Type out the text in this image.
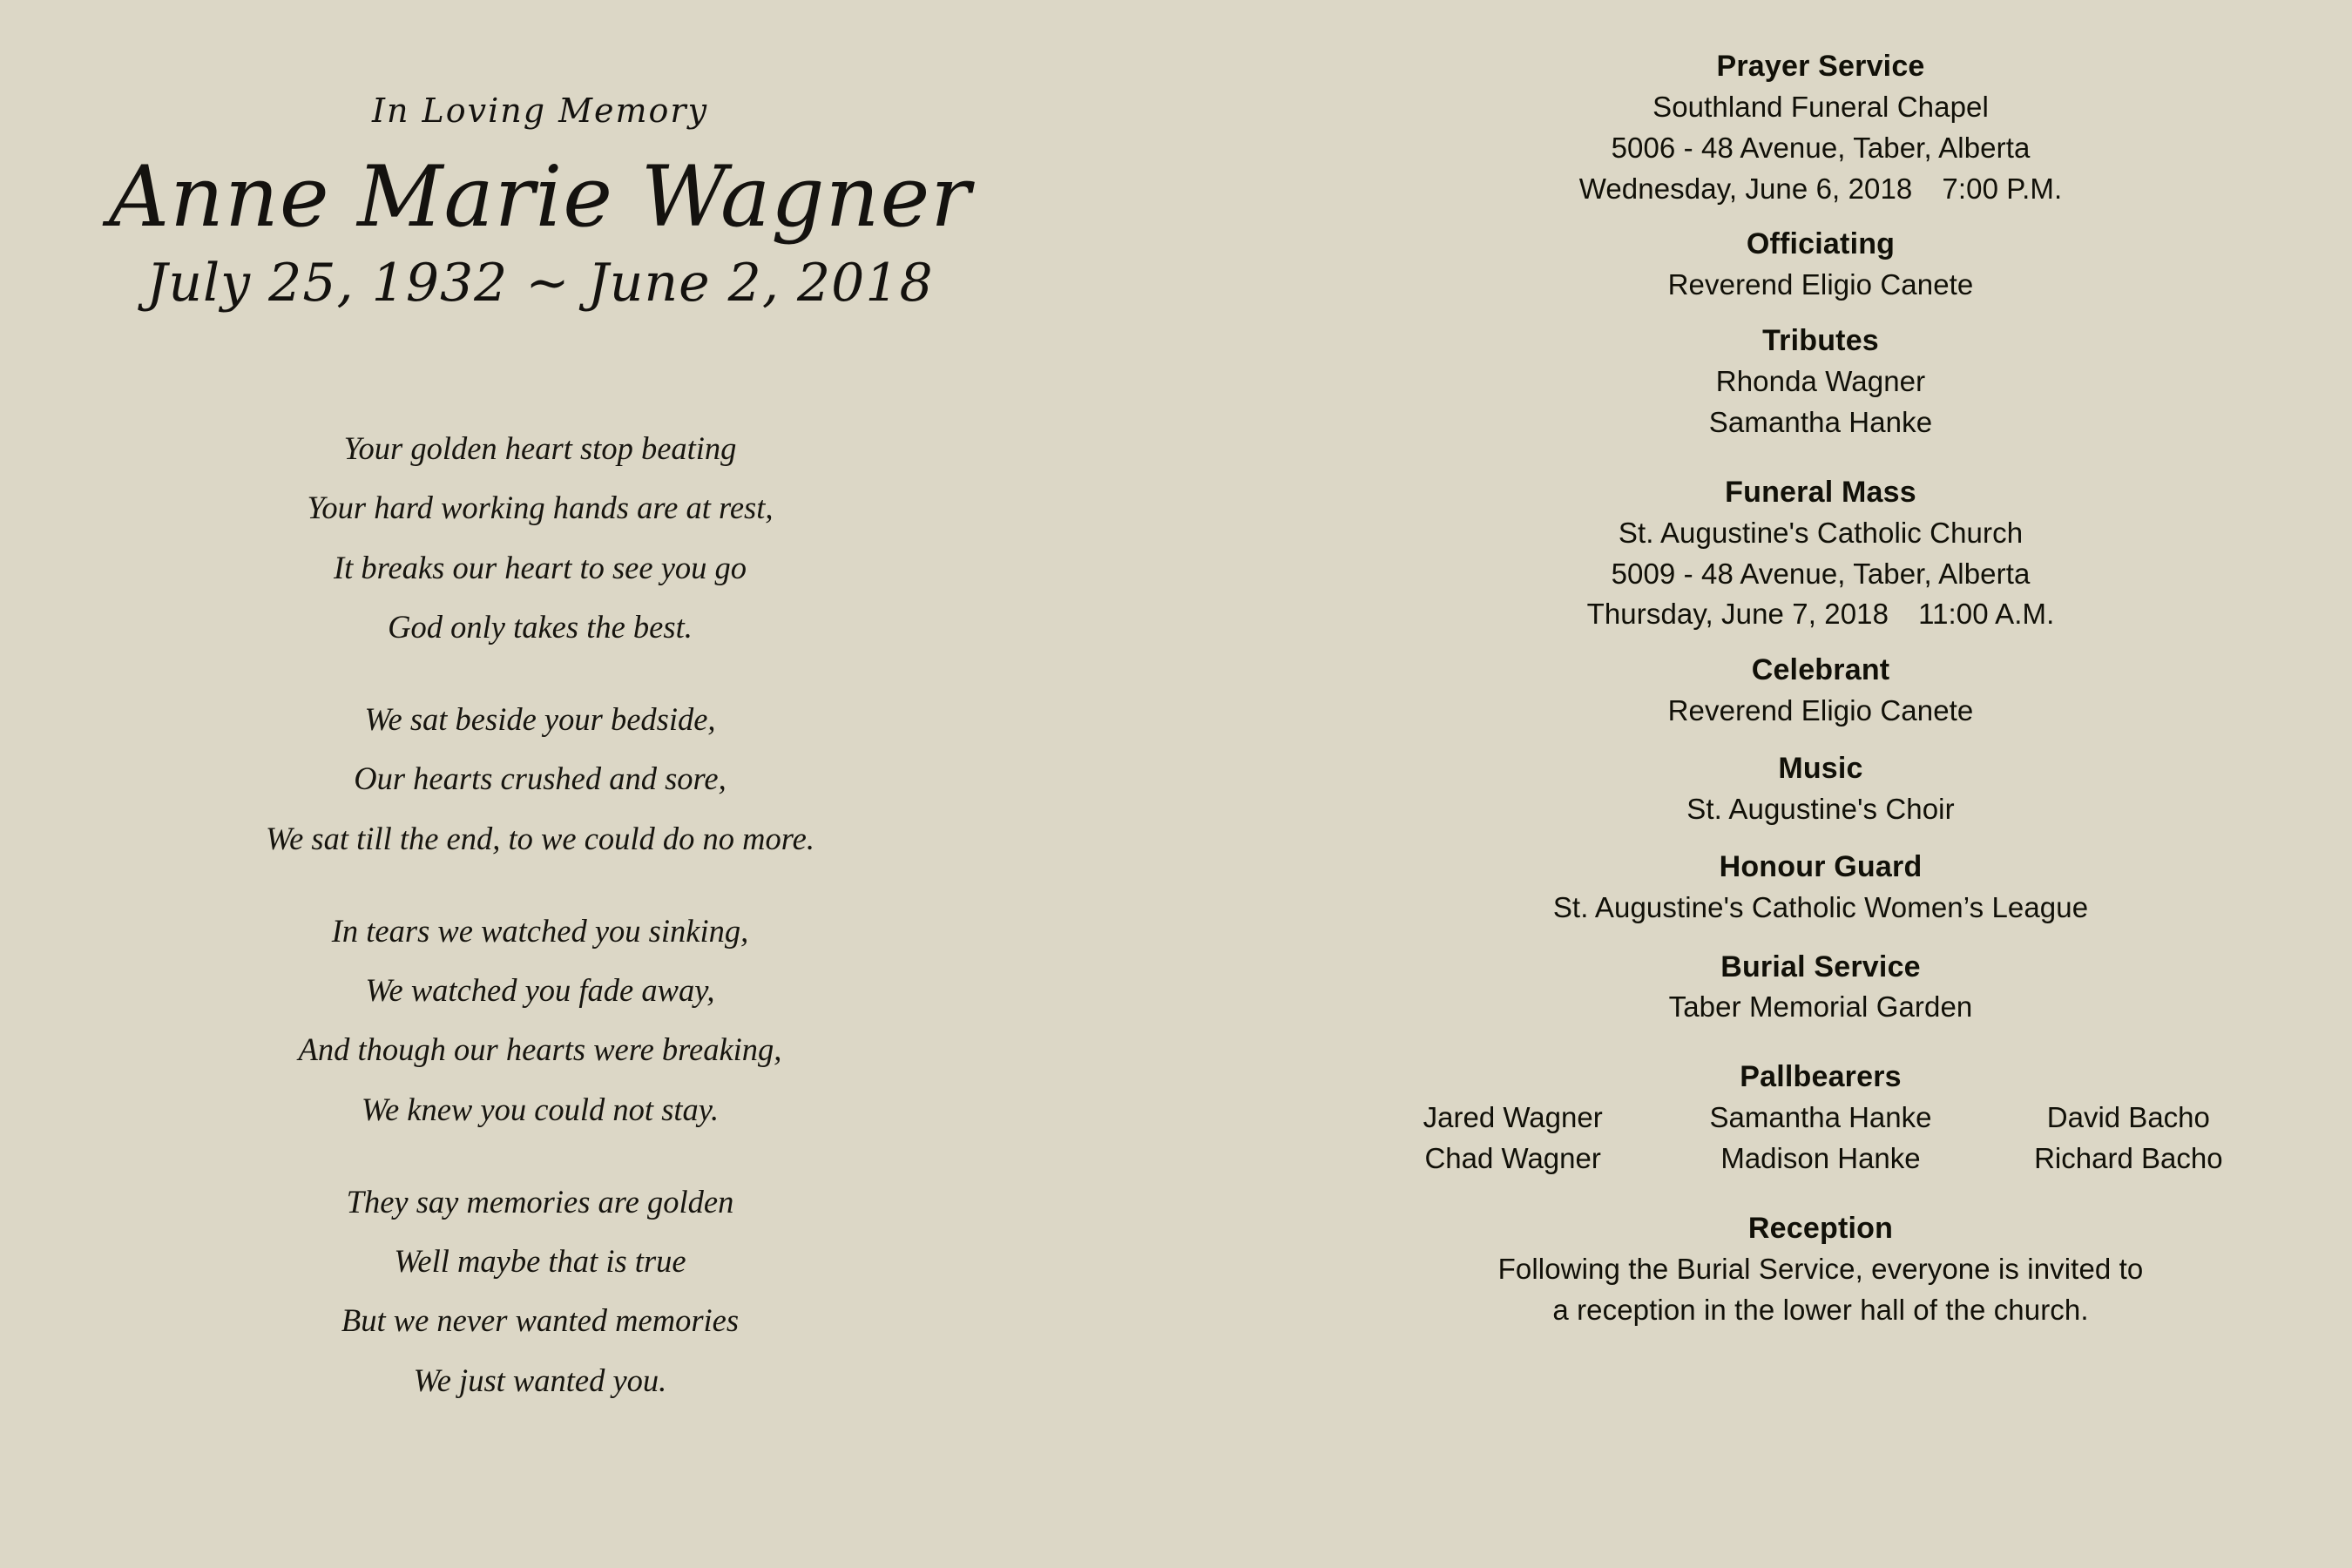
In Loving Memory
Anne Marie Wagner
July 25, 1932 ~ June 2, 2018
Your golden heart stop beating
Your hard working hands are at rest,
It breaks our heart to see you go
God only takes the best.
We sat beside your bedside,
Our hearts crushed and sore,
We sat till the end, to we could do no more.
In tears we watched you sinking,
We watched you fade away,
And though our hearts were breaking,
We knew you could not stay.
They say memories are golden
Well maybe that is true
But we never wanted memories
We just wanted you.
Prayer Service
Southland Funeral Chapel
5006 - 48 Avenue, Taber, Alberta
Wednesday, June 6, 2018 7:00 P.M.
Officiating
Reverend Eligio Canete
Tributes
Rhonda Wagner
Samantha Hanke
Funeral Mass
St. Augustine's Catholic Church
5009 - 48 Avenue, Taber, Alberta
Thursday, June 7, 2018 11:00 A.M.
Celebrant
Reverend Eligio Canete
Music
St. Augustine's Choir
Honour Guard
St. Augustine's Catholic Women’s League
Burial Service
Taber Memorial Garden
Pallbearers
Jared Wagner	Samantha Hanke	David Bacho
Chad Wagner	Madison Hanke	Richard Bacho
Reception
Following the Burial Service, everyone is invited to
a reception in the lower hall of the church.
